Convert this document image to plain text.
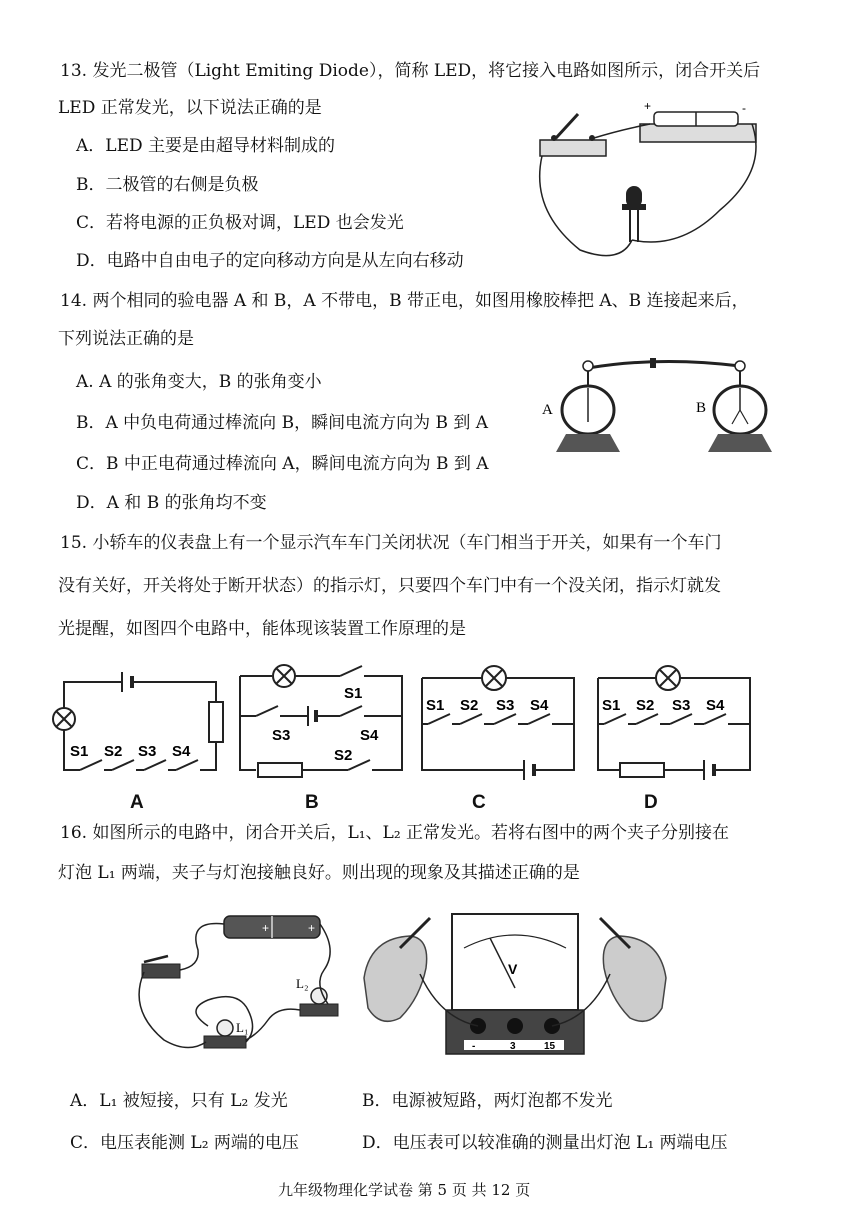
13. 发光二极管（Light Emiting Diode），简称 LED，将它接入电路如图所示，闭合开关后
LED 正常发光，以下说法正确的是
A．LED 主要是由超导材料制成的
B．二极管的右侧是负极
C．若将电源的正负极对调，LED 也会发光
D．电路中自由电子的定向移动方向是从左向右移动
+	-
14. 两个相同的验电器 A 和 B，A 不带电，B 带正电，如图用橡胶棒把 A、B 连接起来后，
下列说法正确的是
A. A 的张角变大，B 的张角变小
B．A 中负电荷通过棒流向 B，瞬间电流方向为 B 到 A
C．B 中正电荷通过棒流向 A，瞬间电流方向为 B 到 A
D．A 和 B 的张角均不变
A	B
15. 小轿车的仪表盘上有一个显示汽车车门关闭状况（车门相当于开关，如果有一个车门
没有关好，开关将处于断开状态）的指示灯，只要四个车门中有一个没关闭，指示灯就发
光提醒，如图四个电路中，能体现该装置工作原理的是
S1 S2 S3 S4
S1
S3	S4
S2
S1 S2 S3 S4	S1 S2 S3 S4
A	B	C	D
16. 如图所示的电路中，闭合开关后，L₁、L₂ 正常发光。若将右图中的两个夹子分别接在
灯泡 L₁ 两端，夹子与灯泡接触良好。则出现的现象及其描述正确的是
+	+
L₂
L₁
V
-	3	15
A．L₁ 被短接，只有 L₂ 发光	B．电源被短路，两灯泡都不发光
C．电压表能测 L₂ 两端的电压	D．电压表可以较准确的测量出灯泡 L₁ 两端电压
九年级物理化学试卷 第 5 页 共 12 页
